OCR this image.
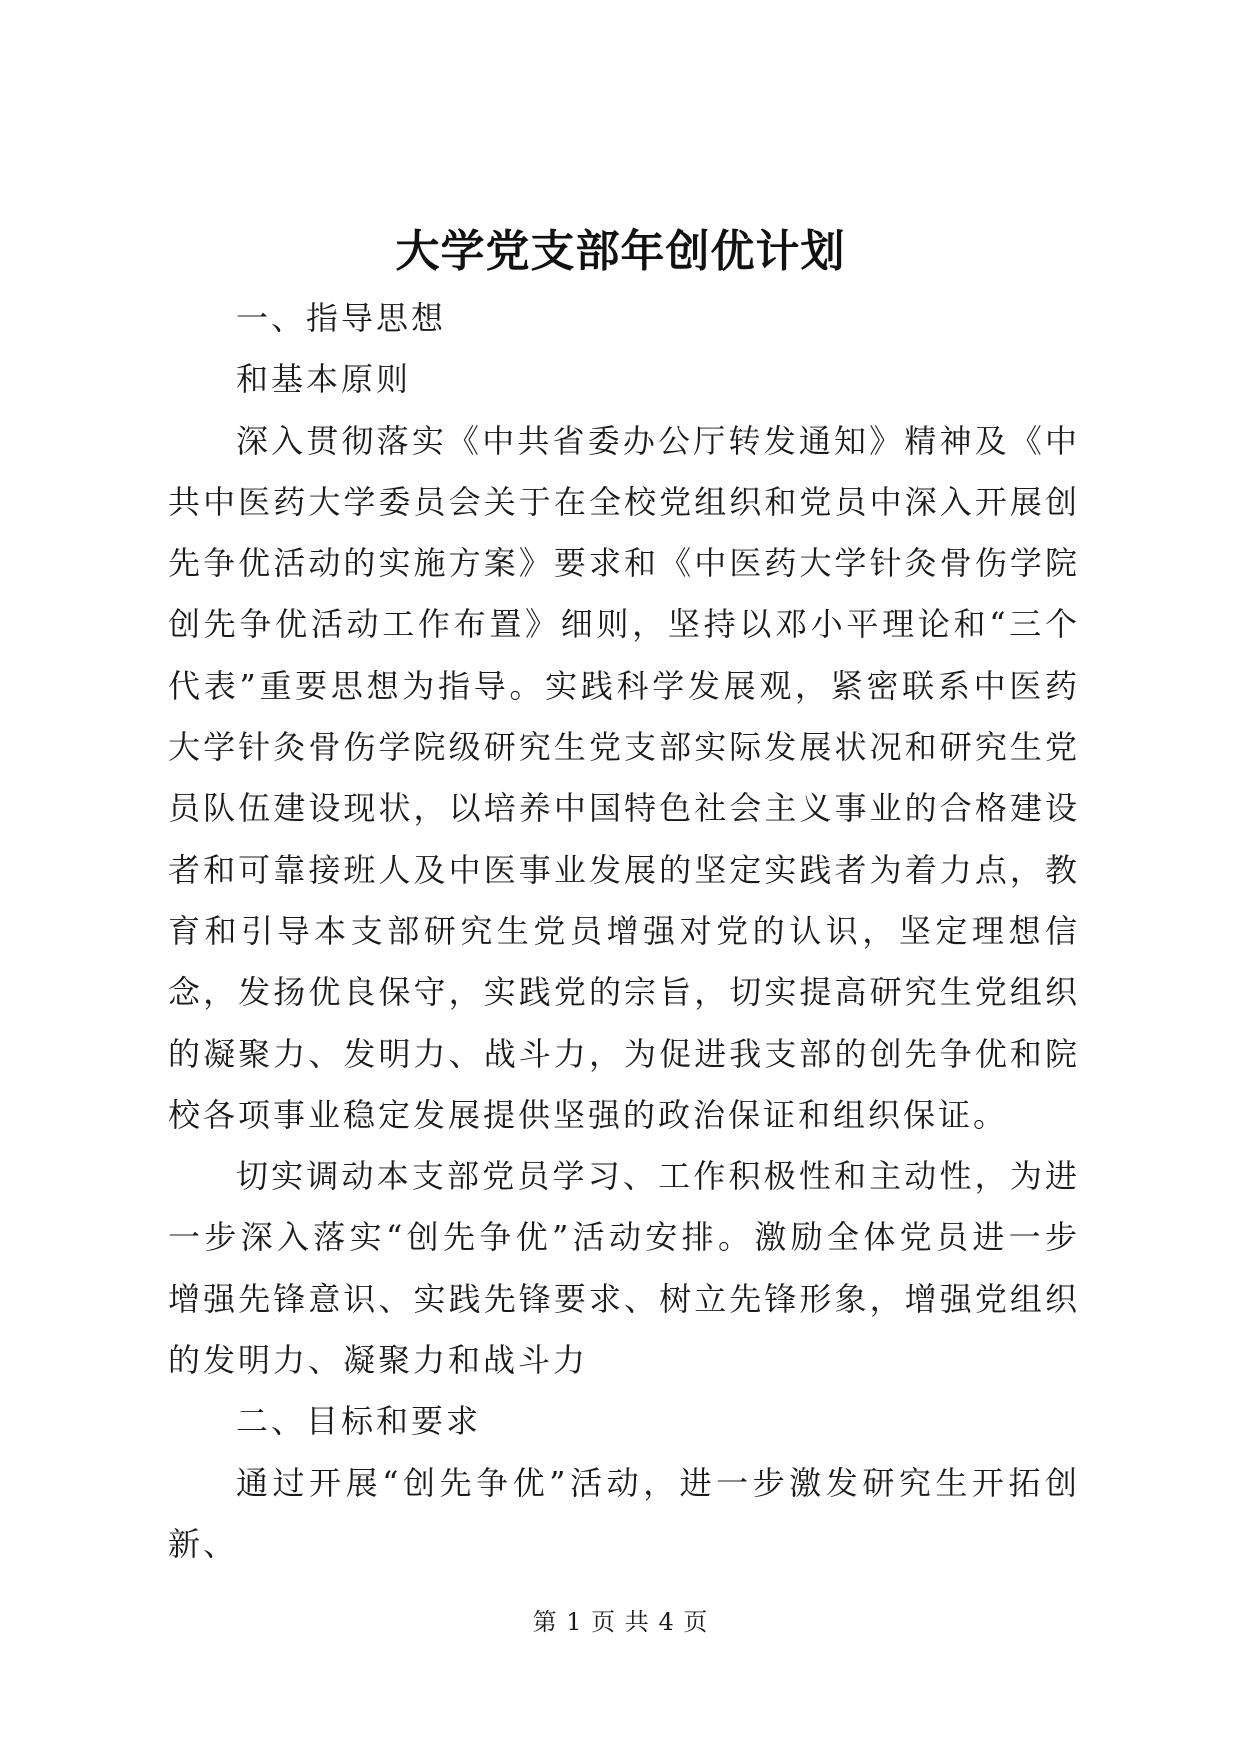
大学党支部年创优计划

一、指导思想

和基本原则

深入贯彻落实《中共省委办公厅转发通知》精神及《中共中医药大学委员会关于在全校党组织和党员中深入开展创先争优活动的实施方案》要求和《中医药大学针灸骨伤学院创先争优活动工作布置》细则，坚持以邓小平理论和“三个代表”重要思想为指导。实践科学发展观，紧密联系中医药大学针灸骨伤学院级研究生党支部实际发展状况和研究生党员队伍建设现状，以培养中国特色社会主义事业的合格建设者和可靠接班人及中医事业发展的坚定实践者为着力点，教育和引导本支部研究生党员增强对党的认识，坚定理想信念，发扬优良保守，实践党的宗旨，切实提高研究生党组织的凝聚力、发明力、战斗力，为促进我支部的创先争优和院校各项事业稳定发展提供坚强的政治保证和组织保证。

切实调动本支部党员学习、工作积极性和主动性，为进一步深入落实“创先争优”活动安排。激励全体党员进一步增强先锋意识、实践先锋要求、树立先锋形象，增强党组织的发明力、凝聚力和战斗力

二、目标和要求

通过开展“创先争优”活动，进一步激发研究生开拓创新、

第 1 页 共 4 页
